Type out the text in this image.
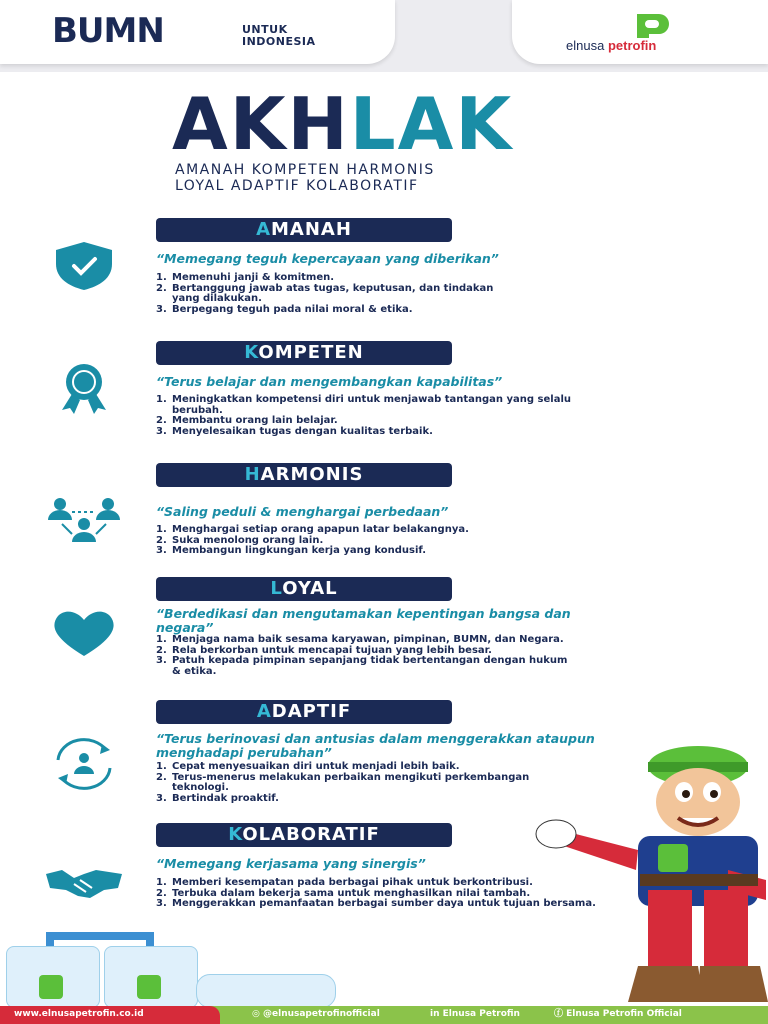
BUMN	UNTUK
INDONESIA	elnusa petrofin
AKHLAK
AMANAH KOMPETEN HARMONIS
LOYAL ADAPTIF KOLABORATIF
AMANAH
“Memegang teguh kepercayaan yang diberikan”
1. Memenuhi janji & komitmen.
2. Bertanggung jawab atas tugas, keputusan, dan tindakan yang dilakukan.
3. Berpegang teguh pada nilai moral & etika.
KOMPETEN
“Terus belajar dan mengembangkan kapabilitas”
1. Meningkatkan kompetensi diri untuk menjawab tantangan yang selalu berubah.
2. Membantu orang lain belajar.
3. Menyelesaikan tugas dengan kualitas terbaik.
HARMONIS
“Saling peduli & menghargai perbedaan”
1. Menghargai setiap orang apapun latar belakangnya.
2. Suka menolong orang lain.
3. Membangun lingkungan kerja yang kondusif.
LOYAL
“Berdedikasi dan mengutamakan kepentingan bangsa dan negara”
1. Menjaga nama baik sesama karyawan, pimpinan, BUMN, dan Negara.
2. Rela berkorban untuk mencapai tujuan yang lebih besar.
3. Patuh kepada pimpinan sepanjang tidak bertentangan dengan hukum & etika.
ADAPTIF
“Terus berinovasi dan antusias dalam menggerakkan ataupun menghadapi perubahan”
1. Cepat menyesuaikan diri untuk menjadi lebih baik.
2. Terus-menerus melakukan perbaikan mengikuti perkembangan teknologi.
3. Bertindak proaktif.
KOLABORATIF
“Memegang kerjasama yang sinergis”
1. Memberi kesempatan pada berbagai pihak untuk berkontribusi.
2. Terbuka dalam bekerja sama untuk menghasilkan nilai tambah.
3. Menggerakkan pemanfaatan berbagai sumber daya untuk tujuan bersama.
www.elnusapetrofin.co.id	◎ @elnusapetrofinofficial	in Elnusa Petrofin	ⓕ Elnusa Petrofin Official
